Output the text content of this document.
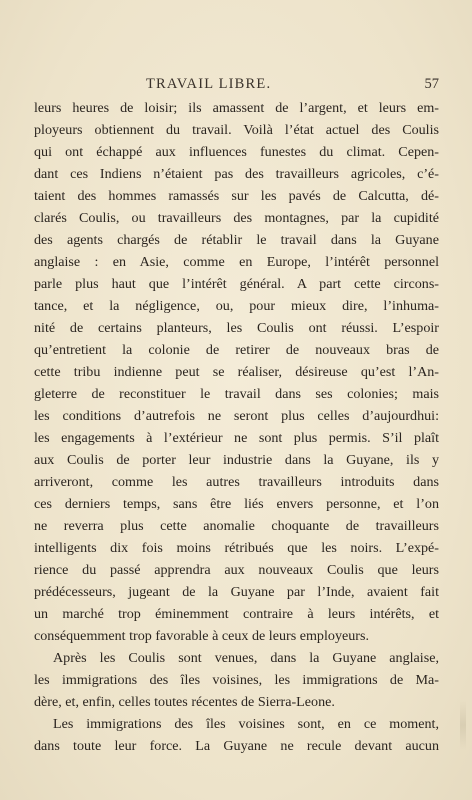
TRAVAIL LIBRE.	57
leurs heures de loisir; ils amassent de l’argent, et leurs em-
ployeurs obtiennent du travail. Voilà l’état actuel des Coulis
qui ont échappé aux influences funestes du climat. Cepen-
dant ces Indiens n’étaient pas des travailleurs agricoles, c’é-
taient des hommes ramassés sur les pavés de Calcutta, dé-
clarés Coulis, ou travailleurs des montagnes, par la cupidité
des agents chargés de rétablir le travail dans la Guyane
anglaise : en Asie, comme en Europe, l’intérêt personnel
parle plus haut que l’intérêt général. A part cette circons-
tance, et la négligence, ou, pour mieux dire, l’inhuma-
nité de certains planteurs, les Coulis ont réussi. L’espoir
qu’entretient la colonie de retirer de nouveaux bras de
cette tribu indienne peut se réaliser, désireuse qu’est l’An-
gleterre de reconstituer le travail dans ses colonies; mais
les conditions d’autrefois ne seront plus celles d’aujourdhui:
les engagements à l’extérieur ne sont plus permis. S’il plaît
aux Coulis de porter leur industrie dans la Guyane, ils y
arriveront, comme les autres travailleurs introduits dans
ces derniers temps, sans être liés envers personne, et l’on
ne reverra plus cette anomalie choquante de travailleurs
intelligents dix fois moins rétribués que les noirs. L’expé-
rience du passé apprendra aux nouveaux Coulis que leurs
prédécesseurs, jugeant de la Guyane par l’Inde, avaient fait
un marché trop éminemment contraire à leurs intérêts, et
conséquemment trop favorable à ceux de leurs employeurs.
Après les Coulis sont venues, dans la Guyane anglaise,
les immigrations des îles voisines, les immigrations de Ma-
dère, et, enfin, celles toutes récentes de Sierra-Leone.
Les immigrations des îles voisines sont, en ce moment,
dans toute leur force. La Guyane ne recule devant aucun
